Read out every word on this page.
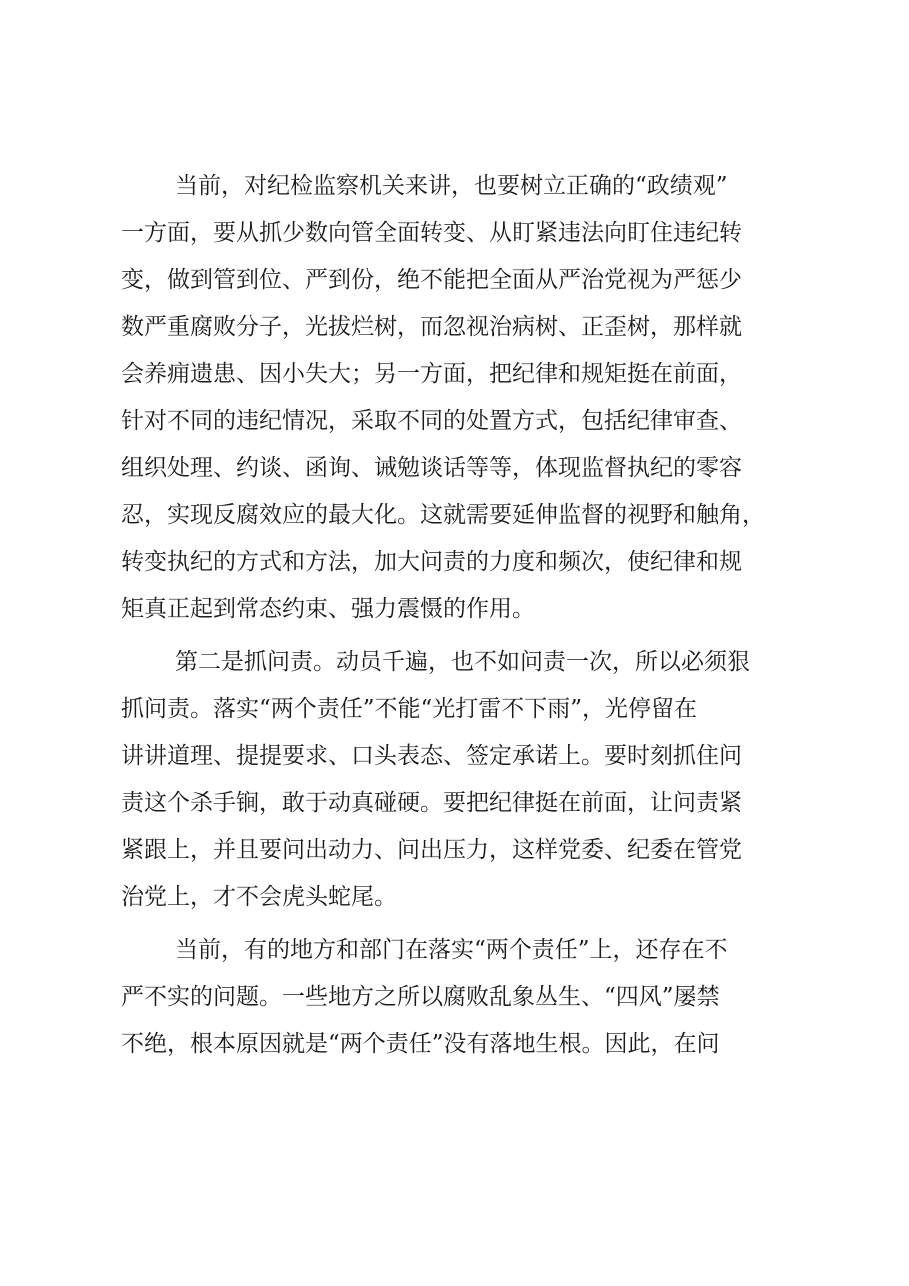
当前，对纪检监察机关来讲，也要树立正确的“政绩观”
一方面，要从抓少数向管全面转变、从盯紧违法向盯住违纪转
变，做到管到位、严到份，绝不能把全面从严治党视为严惩少
数严重腐败分子，光拔烂树，而忽视治病树、正歪树，那样就
会养痈遗患、因小失大；另一方面，把纪律和规矩挺在前面，
针对不同的违纪情况，采取不同的处置方式，包括纪律审查、
组织处理、约谈、函询、诫勉谈话等等，体现监督执纪的零容
忍，实现反腐效应的最大化。这就需要延伸监督的视野和触角，
转变执纪的方式和方法，加大问责的力度和频次，使纪律和规
矩真正起到常态约束、强力震慑的作用。
第二是抓问责。动员千遍，也不如问责一次，所以必须狠
抓问责。落实“两个责任”不能“光打雷不下雨”，光停留在
讲讲道理、提提要求、口头表态、签定承诺上。要时刻抓住问
责这个杀手锏，敢于动真碰硬。要把纪律挺在前面，让问责紧
紧跟上，并且要问出动力、问出压力，这样党委、纪委在管党
治党上，才不会虎头蛇尾。
当前，有的地方和部门在落实“两个责任”上，还存在不
严不实的问题。一些地方之所以腐败乱象丛生、“四风”屡禁
不绝，根本原因就是“两个责任”没有落地生根。因此，在问
